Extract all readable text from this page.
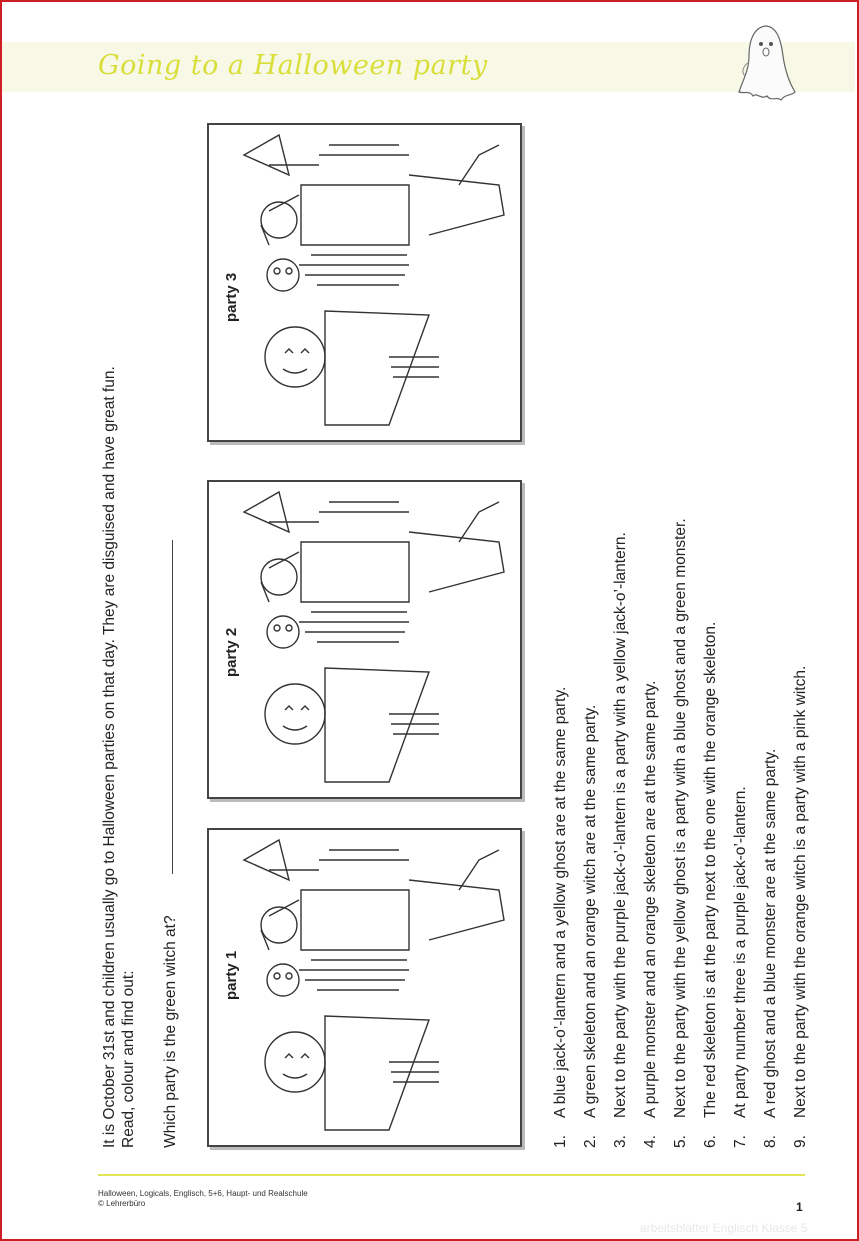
Going to a Halloween party
It is October 31st and children usually go to Halloween parties on that day. They are disguised and have great fun. Read, colour and find out: Which party is the green witch at?	party 1
party 2
party 3
1.A blue jack-o’-lantern and a yellow ghost are at the same party.
2.A green skeleton and an orange witch are at the same party.
3.Next to the party with the purple jack-o’-lantern is a party with a yellow jack-o’-lantern.
4.A purple monster and an orange skeleton are at the same party.
5.Next to the party with the yellow ghost is a party with a blue ghost and a green monster.
6.The red skeleton is at the party next to the one with the orange skeleton.
7.At party number three is a purple jack-o’-lantern.
8.A red ghost and a blue monster are at the same party.
9.Next to the party with the orange witch is a party with a pink witch.
Halloween, Logicals, Englisch, 5+6, Haupt- und Realschule
© Lehrerbüro	1
arbeitsblätter Englisch Klasse 5
